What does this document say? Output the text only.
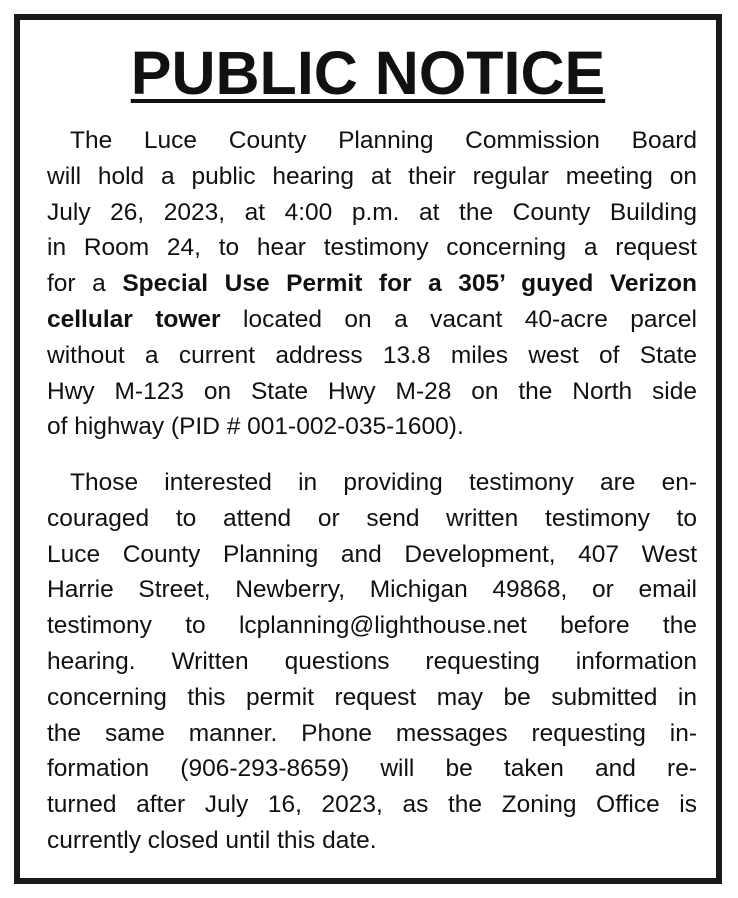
PUBLIC NOTICE
The Luce County Planning Commission Board
will hold a public hearing at their regular meeting on
July 26, 2023, at 4:00 p.m. at the County Building
in Room 24, to hear testimony concerning a request
for a Special Use Permit for a 305’ guyed Verizon
cellular tower located on a vacant 40-acre parcel
without a current address 13.8 miles west of State
Hwy M-123 on State Hwy M-28 on the North side
of highway (PID # 001-002-035-1600).
Those interested in providing testimony are en-
couraged to attend or send written testimony to
Luce County Planning and Development, 407 West
Harrie Street, Newberry, Michigan 49868, or email
testimony to lcplanning@lighthouse.net before the
hearing. Written questions requesting information
concerning this permit request may be submitted in
the same manner. Phone messages requesting in-
formation (906-293-8659) will be taken and re-
turned after July 16, 2023, as the Zoning Office is
currently closed until this date.
